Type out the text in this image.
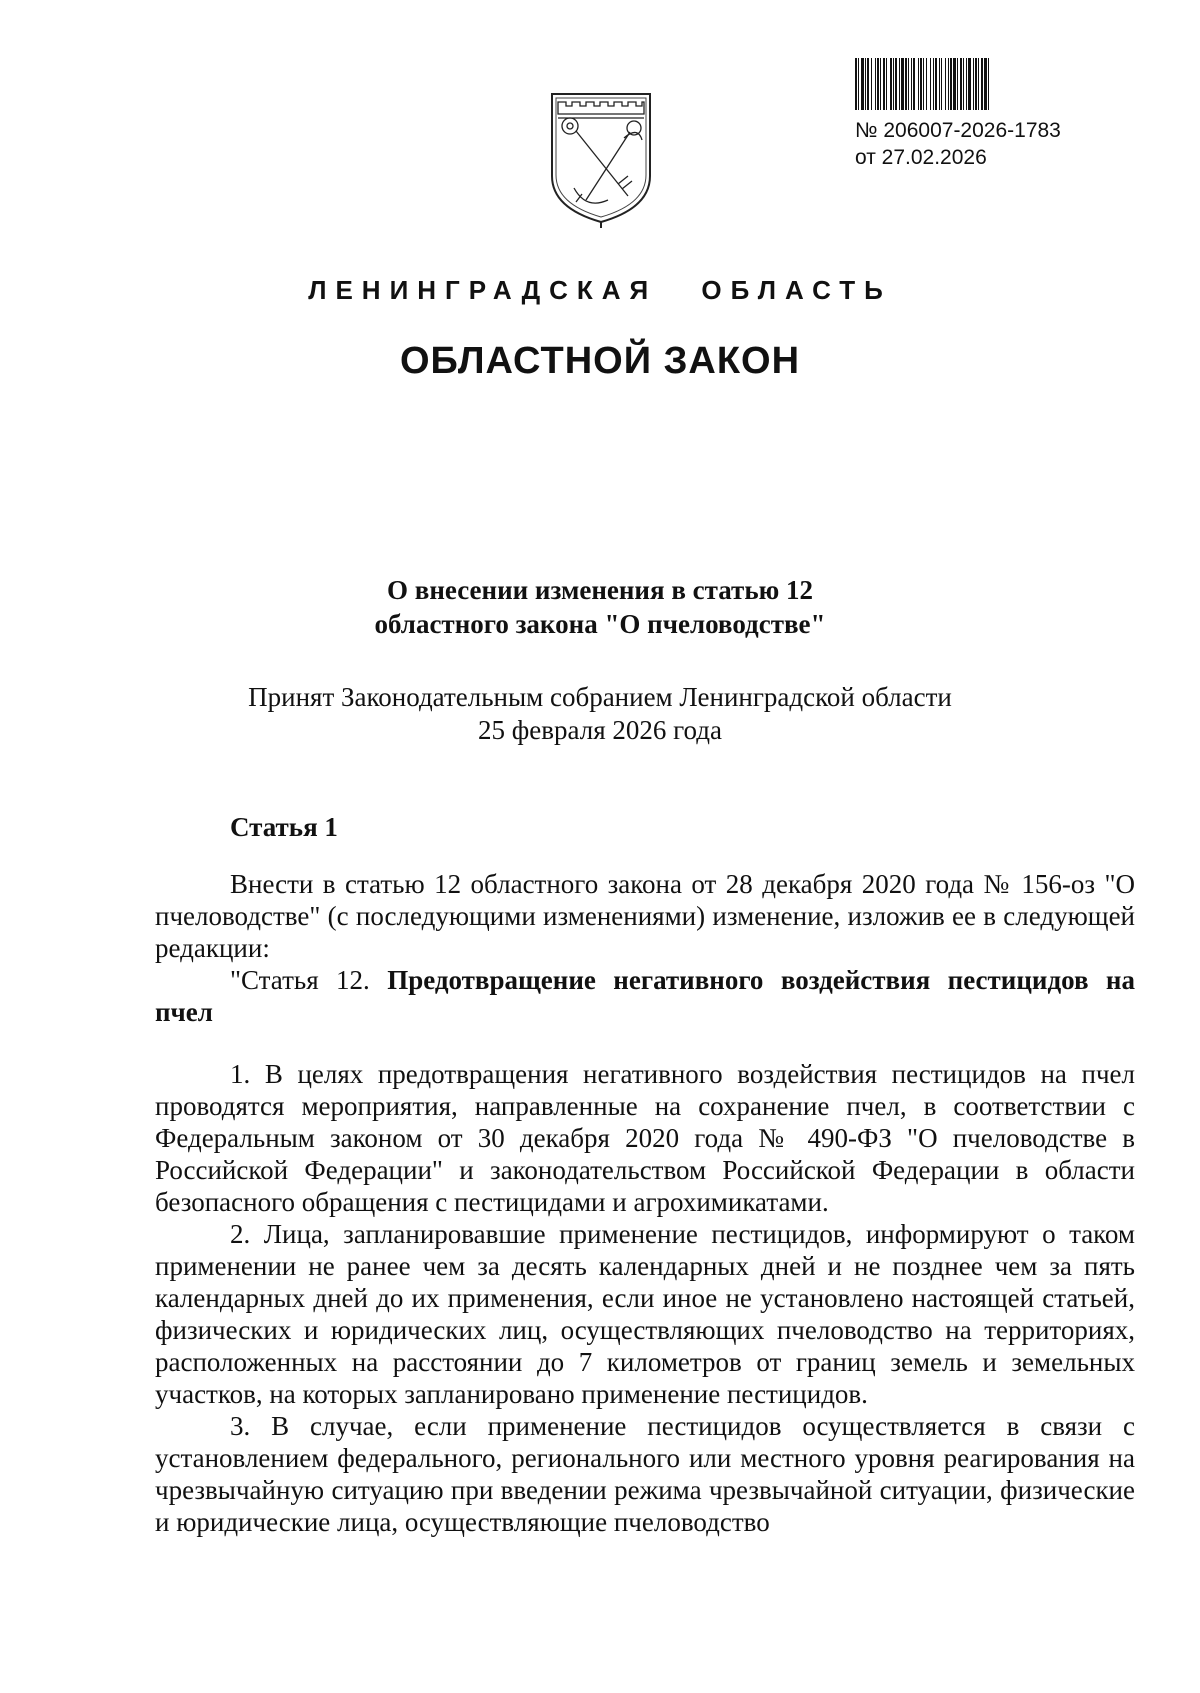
№ 206007-2026-1783
от 27.02.2026
ЛЕНИНГРАДСКАЯ ОБЛАСТЬ
ОБЛАСТНОЙ ЗАКОН
О внесении изменения в статью 12
областного закона "О пчеловодстве"
Принят Законодательным собранием Ленинградской области
25 февраля 2026 года
Статья 1

Внести в статью 12 областного закона от 28 декабря 2020 года № 156-оз "О пчеловодстве" (с последующими изменениями) изменение, изложив ее в следующей редакции:

"Статья 12. Предотвращение негативного воздействия пестицидов на пчел

1. В целях предотвращения негативного воздействия пестицидов на пчел проводятся мероприятия, направленные на сохранение пчел, в соответствии с Федеральным законом от 30 декабря 2020 года № 490-ФЗ "О пчеловодстве в Российской Федерации" и законодательством Российской Федерации в области безопасного обращения с пестицидами и агрохимикатами.

2. Лица, запланировавшие применение пестицидов, информируют о таком применении не ранее чем за десять календарных дней и не позднее чем за пять календарных дней до их применения, если иное не установлено настоящей статьей, физических и юридических лиц, осуществляющих пчеловодство на территориях, расположенных на расстоянии до 7 километров от границ земель и земельных участков, на которых запланировано применение пестицидов.

3. В случае, если применение пестицидов осуществляется в связи с установлением федерального, регионального или местного уровня реагирования на чрезвычайную ситуацию при введении режима чрезвычайной ситуации, физические и юридические лица, осуществляющие пчеловодство
